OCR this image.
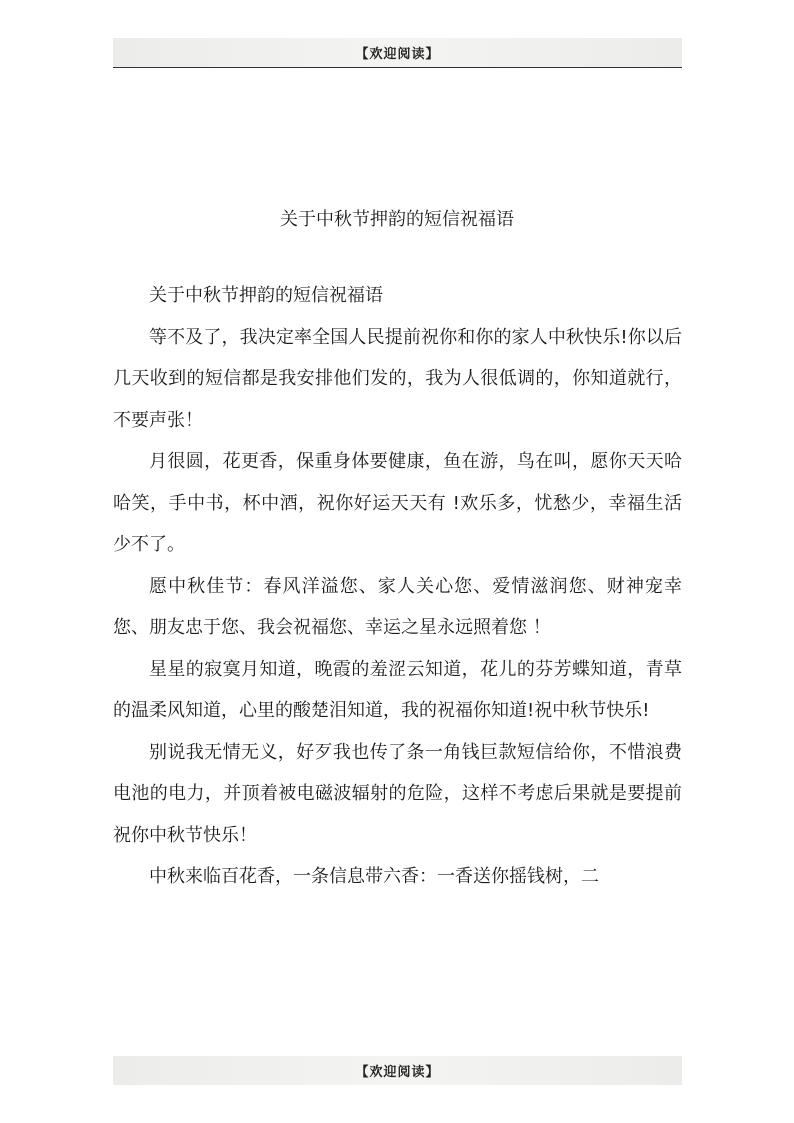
【欢迎阅读】
关于中秋节押韵的短信祝福语

关于中秋节押韵的短信祝福语

等不及了，我决定率全国人民提前祝你和你的家人中秋快乐!你以后几天收到的短信都是我安排他们发的，我为人很低调的，你知道就行，不要声张！

月很圆，花更香，保重身体要健康，鱼在游，鸟在叫，愿你天天哈哈笑，手中书，杯中酒，祝你好运天天有 !欢乐多，忧愁少，幸福生活少不了。

愿中秋佳节：春风洋溢您、家人关心您、爱情滋润您、财神宠幸您、朋友忠于您、我会祝福您、幸运之星永远照着您 ！

星星的寂寞月知道，晚霞的羞涩云知道，花儿的芬芳蝶知道，青草的温柔风知道，心里的酸楚泪知道，我的祝福你知道!祝中秋节快乐!

别说我无情无义，好歹我也传了条一角钱巨款短信给你，不惜浪费电池的电力，并顶着被电磁波辐射的危险，这样不考虑后果就是要提前祝你中秋节快乐！

中秋来临百花香，一条信息带六香：一香送你摇钱树，二

【欢迎阅读】
